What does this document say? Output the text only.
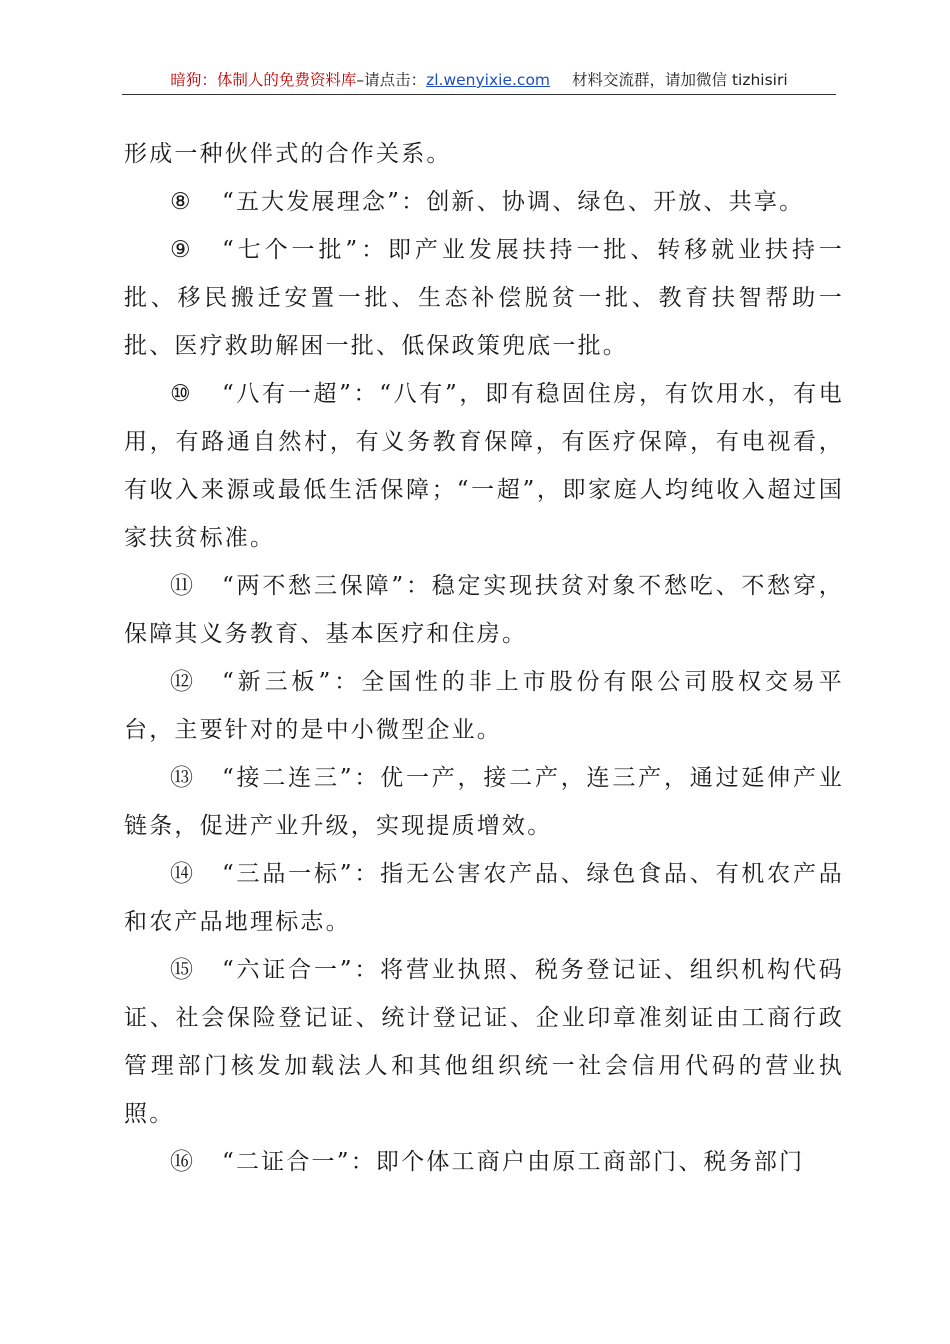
暗狗：体制人的免费资料库–请点击：zl.wenyixie.com 材料交流群，请加微信 tizhisiri

形成一种伙伴式的合作关系。

⑧ “五大发展理念”：创新、协调、绿色、开放、共享。

⑨ “七个一批”：即产业发展扶持一批、转移就业扶持一批、移民搬迁安置一批、生态补偿脱贫一批、教育扶智帮助一批、医疗救助解困一批、低保政策兜底一批。

⑩ “八有一超”：“八有”，即有稳固住房，有饮用水，有电用，有路通自然村，有义务教育保障，有医疗保障，有电视看，有收入来源或最低生活保障；“一超”，即家庭人均纯收入超过国家扶贫标准。

⑪ “两不愁三保障”：稳定实现扶贫对象不愁吃、不愁穿，保障其义务教育、基本医疗和住房。

⑫ “新三板”：全国性的非上市股份有限公司股权交易平台，主要针对的是中小微型企业。

⑬ “接二连三”：优一产，接二产，连三产，通过延伸产业链条，促进产业升级，实现提质增效。

⑭ “三品一标”：指无公害农产品、绿色食品、有机农产品和农产品地理标志。

⑮ “六证合一”：将营业执照、税务登记证、组织机构代码证、社会保险登记证、统计登记证、企业印章准刻证由工商行政管理部门核发加载法人和其他组织统一社会信用代码的营业执照。

⑯ “二证合一”：即个体工商户由原工商部门、税务部门
